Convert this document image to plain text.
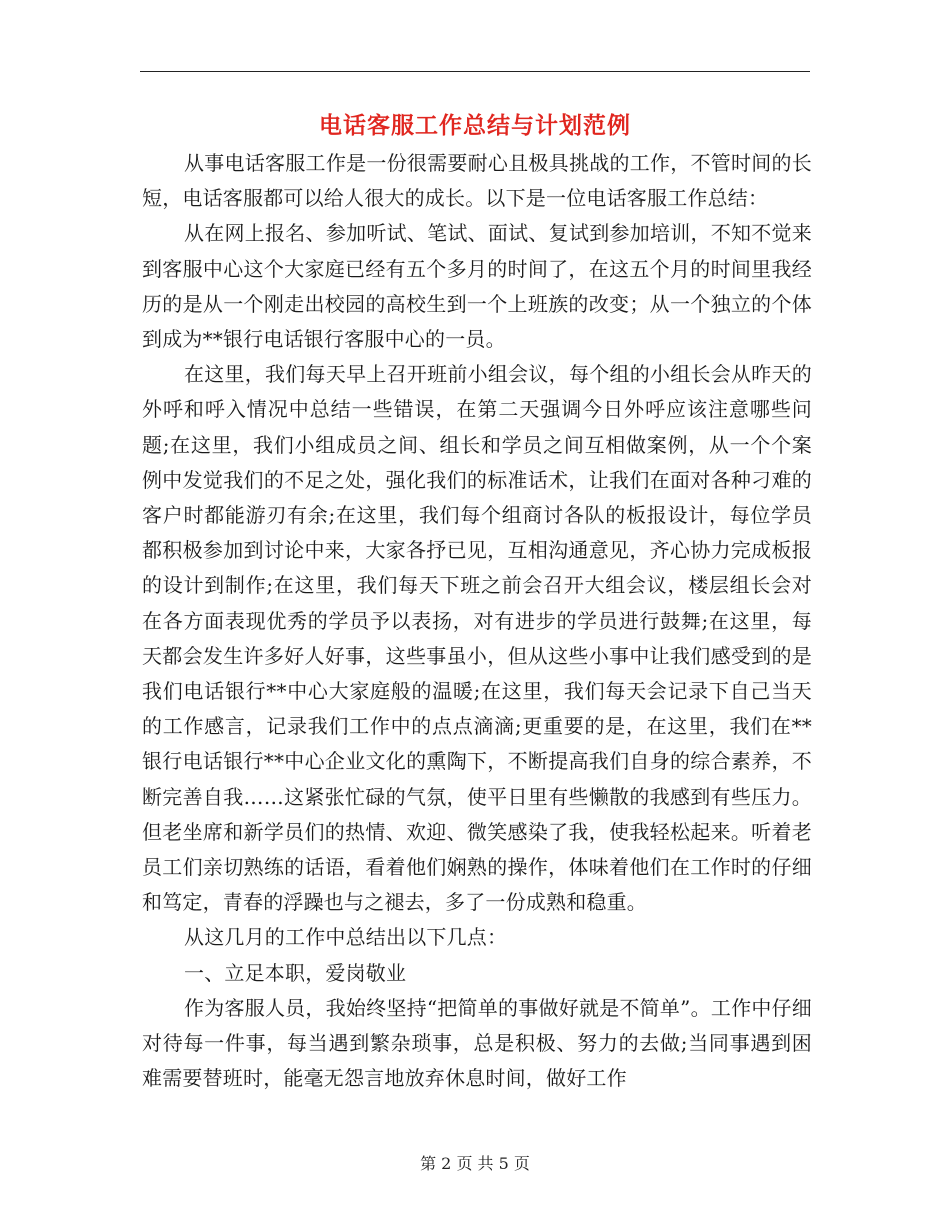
电话客服工作总结与计划范例

从事电话客服工作是一份很需要耐心且极具挑战的工作，不管时间的长短，电话客服都可以给人很大的成长。以下是一位电话客服工作总结：

从在网上报名、参加听试、笔试、面试、复试到参加培训，不知不觉来到客服中心这个大家庭已经有五个多月的时间了，在这五个月的时间里我经历的是从一个刚走出校园的高校生到一个上班族的改变；从一个独立的个体到成为**银行电话银行客服中心的一员。

在这里，我们每天早上召开班前小组会议，每个组的小组长会从昨天的外呼和呼入情况中总结一些错误，在第二天强调今日外呼应该注意哪些问题;在这里，我们小组成员之间、组长和学员之间互相做案例，从一个个案例中发觉我们的不足之处，强化我们的标准话术，让我们在面对各种刁难的客户时都能游刃有余;在这里，我们每个组商讨各队的板报设计，每位学员都积极参加到讨论中来，大家各抒已见，互相沟通意见，齐心协力完成板报的设计到制作;在这里，我们每天下班之前会召开大组会议，楼层组长会对在各方面表现优秀的学员予以表扬，对有进步的学员进行鼓舞;在这里，每天都会发生许多好人好事，这些事虽小，但从这些小事中让我们感受到的是我们电话银行**中心大家庭般的温暖;在这里，我们每天会记录下自己当天的工作感言，记录我们工作中的点点滴滴;更重要的是，在这里，我们在**银行电话银行**中心企业文化的熏陶下，不断提高我们自身的综合素养，不断完善自我……这紧张忙碌的气氛，使平日里有些懒散的我感到有些压力。但老坐席和新学员们的热情、欢迎、微笑感染了我，使我轻松起来。听着老员工们亲切熟练的话语，看着他们娴熟的操作，体味着他们在工作时的仔细和笃定，青春的浮躁也与之褪去，多了一份成熟和稳重。

从这几月的工作中总结出以下几点：

一、立足本职，爱岗敬业

作为客服人员，我始终坚持“把简单的事做好就是不简单”。工作中仔细对待每一件事，每当遇到繁杂琐事，总是积极、努力的去做;当同事遇到困难需要替班时，能毫无怨言地放弃休息时间，做好工作

第 2 页 共 5 页
